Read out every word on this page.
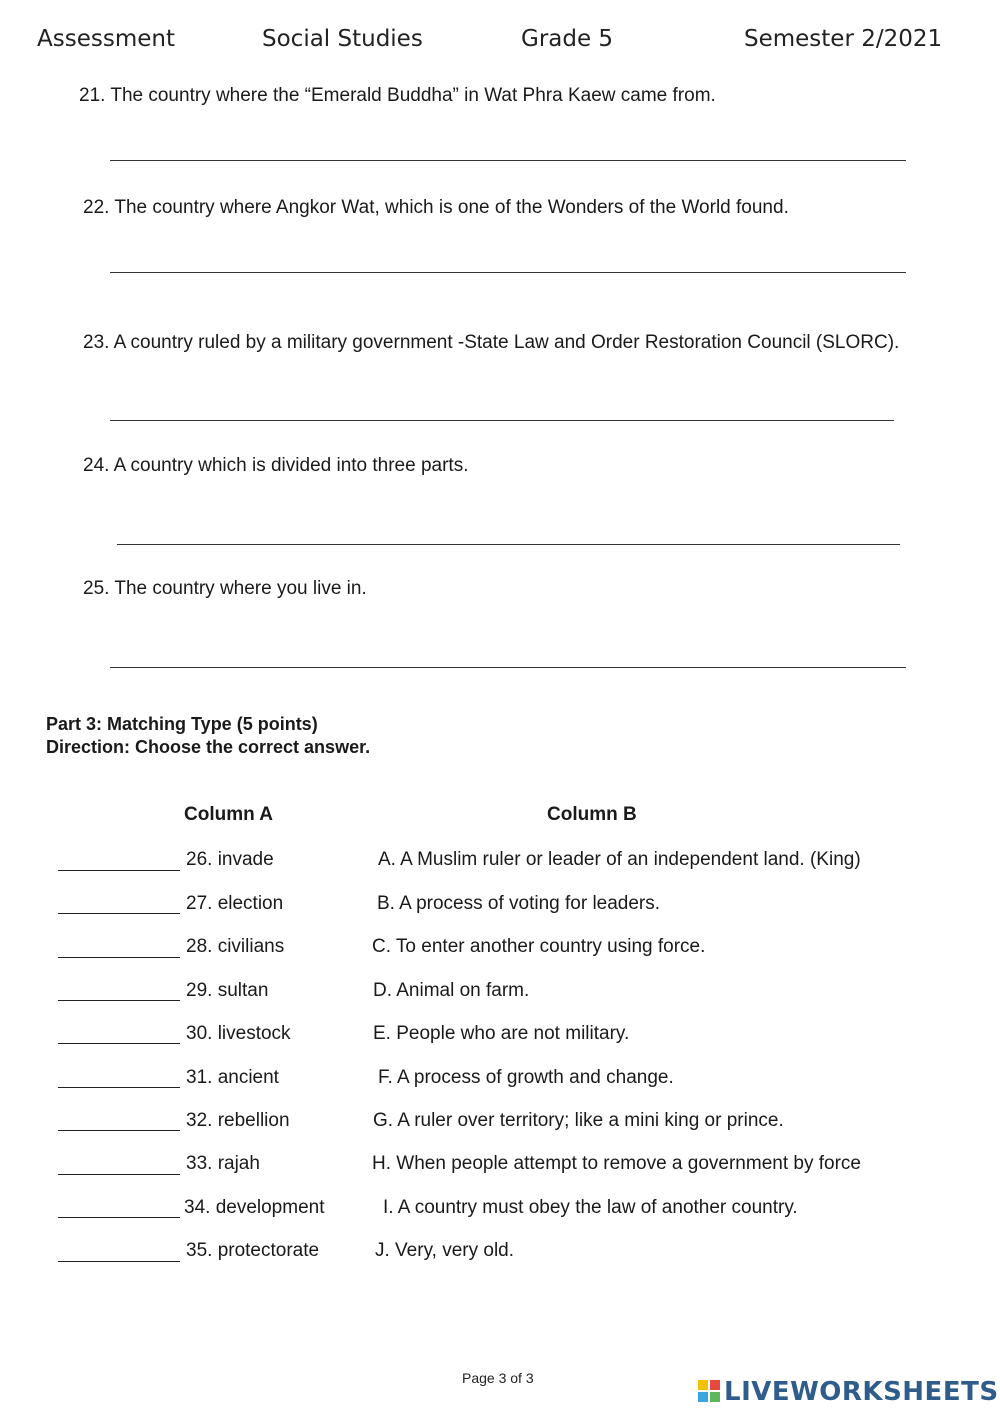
Assessment	Social Studies	Grade 5	Semester 2/2021
21. The country where the “Emerald Buddha” in Wat Phra Kaew came from.
22. The country where Angkor Wat, which is one of the Wonders of the World found.
23. A country ruled by a military government -State Law and Order Restoration Council (SLORC).
24. A country which is divided into three parts.
25. The country where you live in.
Part 3: Matching Type (5 points)
Direction: Choose the correct answer.
Column A	Column B
26. invade	A. A Muslim ruler or leader of an independent land. (King)
27. election	B. A process of voting for leaders.
28. civilians	C. To enter another country using force.
29. sultan	D. Animal on farm.
30. livestock	E. People who are not military.
31. ancient	F. A process of growth and change.
32. rebellion	G. A ruler over territory; like a mini king or prince.
33. rajah	H. When people attempt to remove a government by force
34. development	I. A country must obey the law of another country.
35. protectorate	J. Very, very old.
Page 3 of 3	LIVEWORKSHEETS
